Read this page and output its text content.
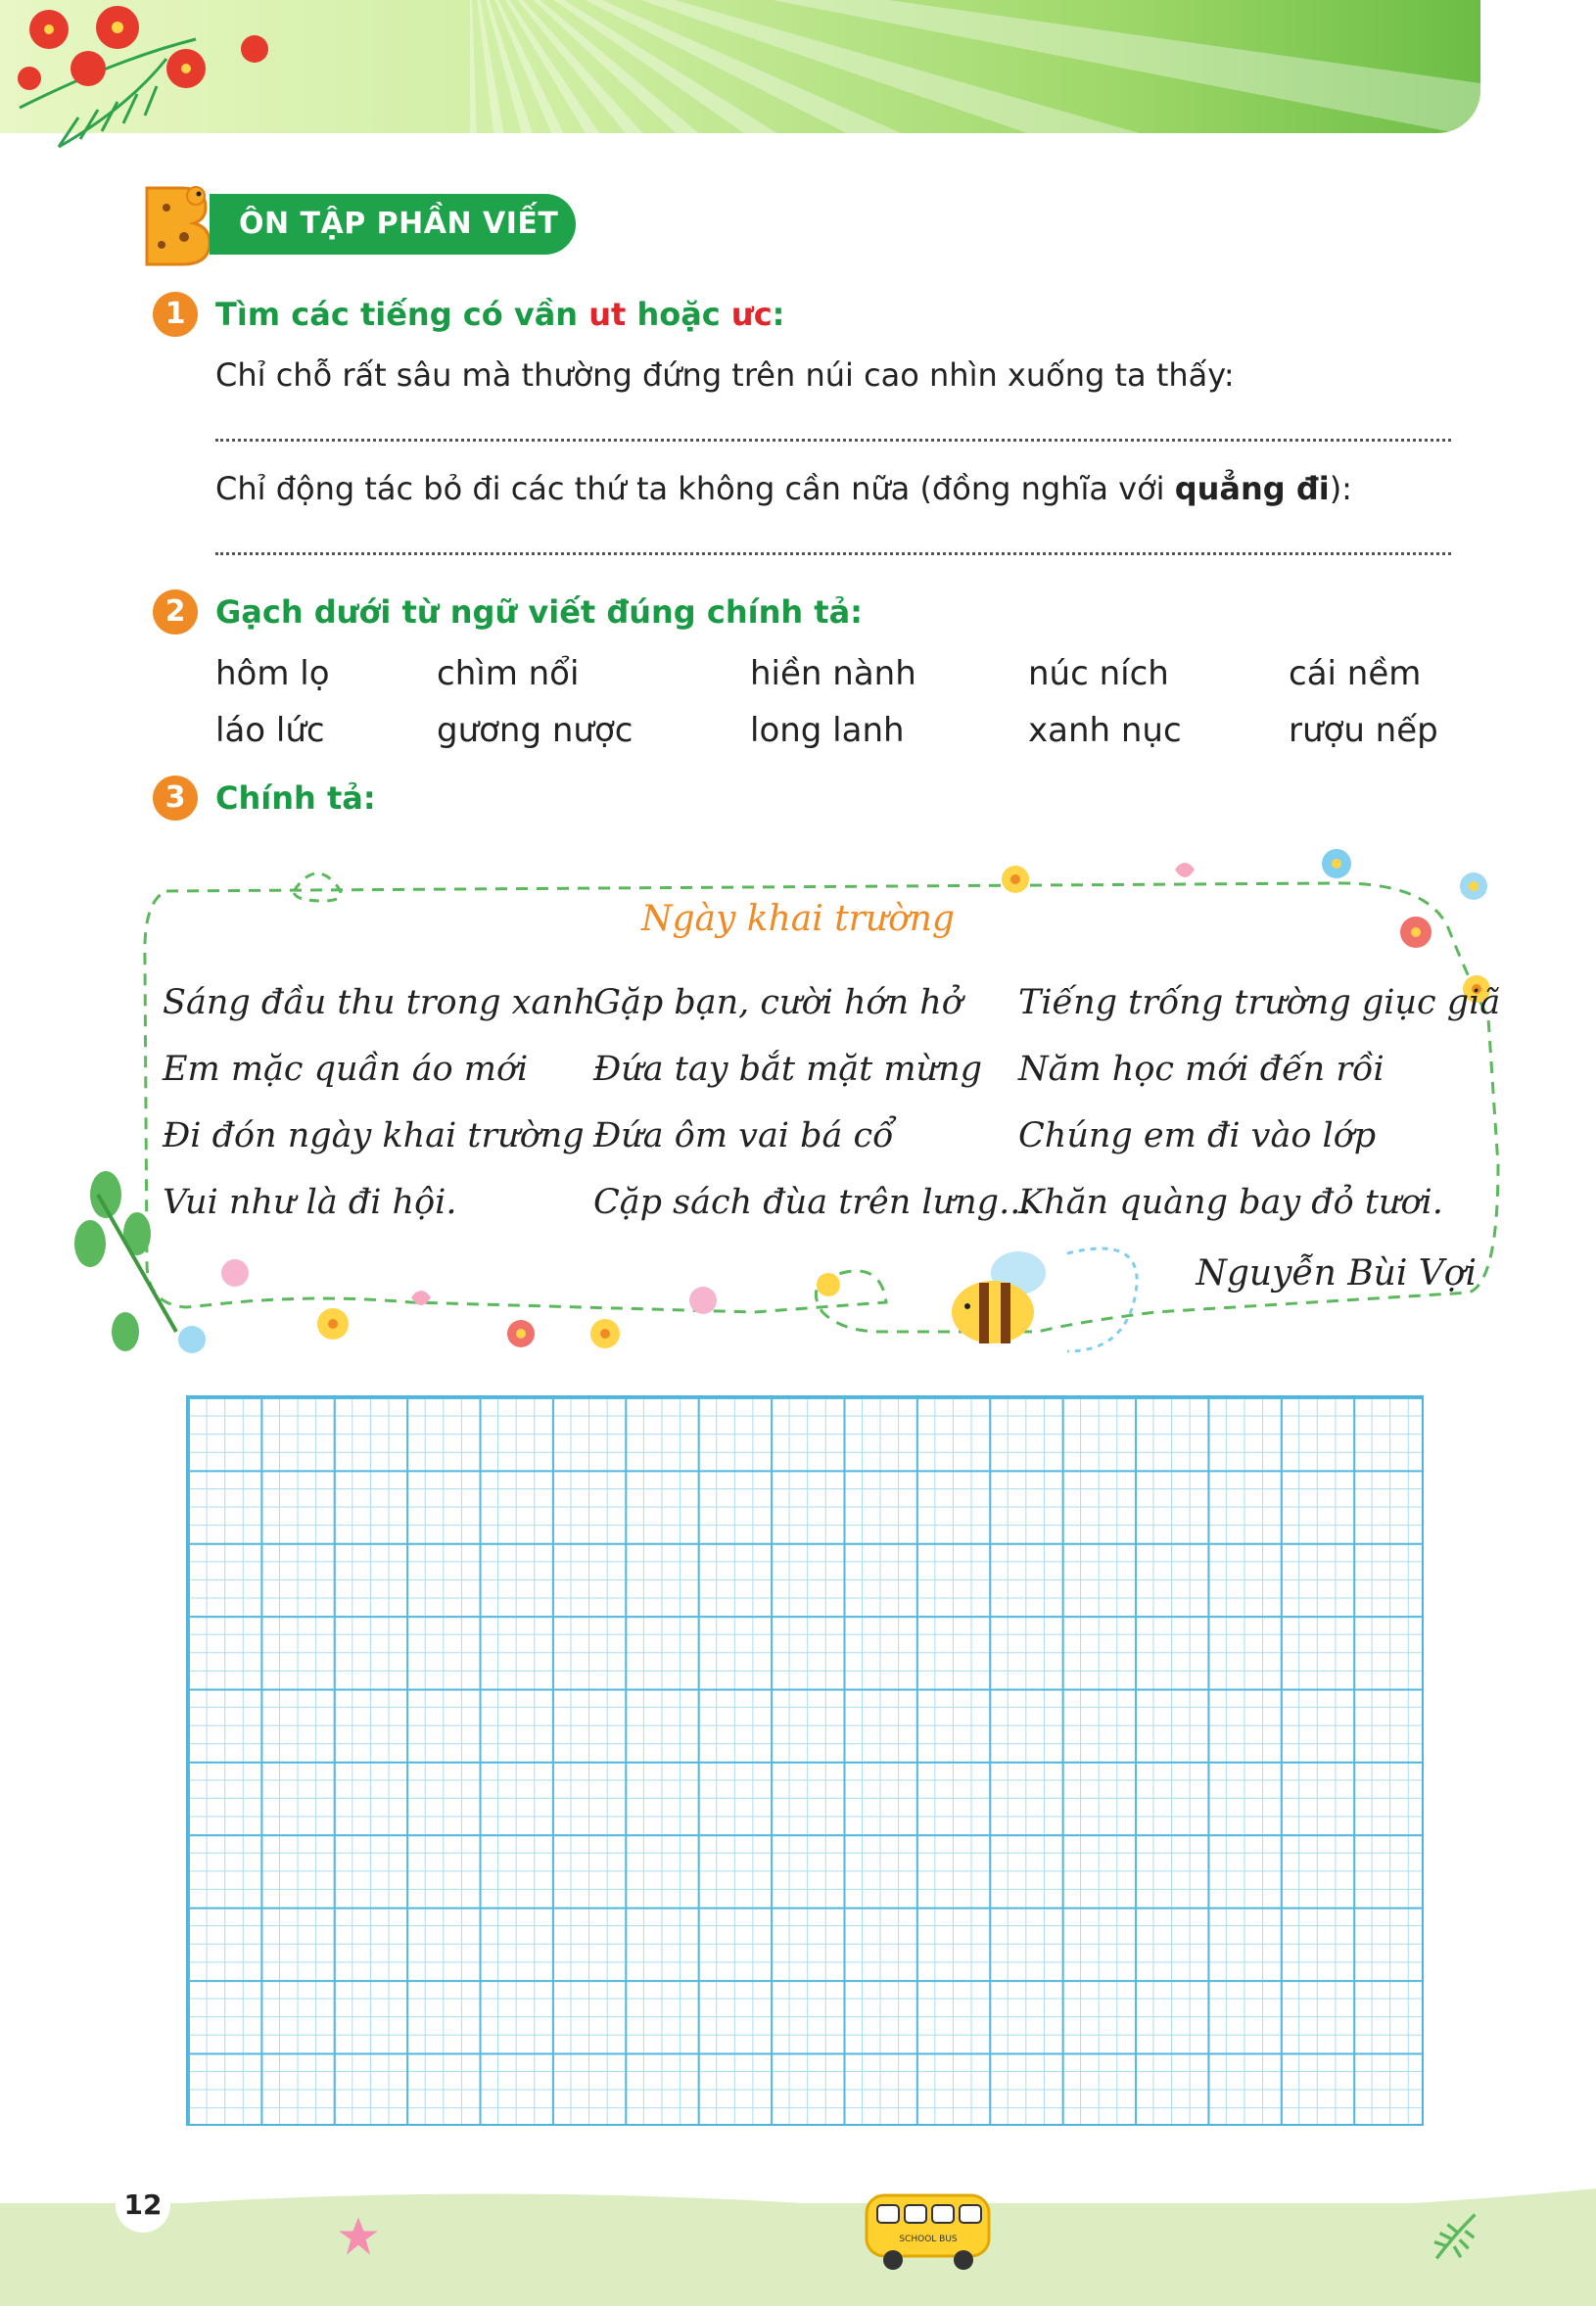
ÔN TẬP PHẦN VIẾT
1 Tìm các tiếng có vần ut hoặc ưc:
Chỉ chỗ rất sâu mà thường đứng trên núi cao nhìn xuống ta thấy:
Chỉ động tác bỏ đi các thứ ta không cần nữa (đồng nghĩa với quẳng đi):
2 Gạch dưới từ ngữ viết đúng chính tả:
hôm lọ	chìm nổi	hiền nành	núc ních	cái nềm
láo lức	gương nược	long lanh	xanh nục	rượu nếp
3 Chính tả:
Ngày khai trường
Sáng đầu thu trong xanh
Em mặc quần áo mới
Đi đón ngày khai trường
Vui như là đi hội.
Gặp bạn, cười hớn hở
Đứa tay bắt mặt mừng
Đứa ôm vai bá cổ
Cặp sách đùa trên lưng...
Tiếng trống trường giục giã
Năm học mới đến rồi
Chúng em đi vào lớp
Khăn quàng bay đỏ tươi.
Nguyễn Bùi Vợi
12
SCHOOL BUS
